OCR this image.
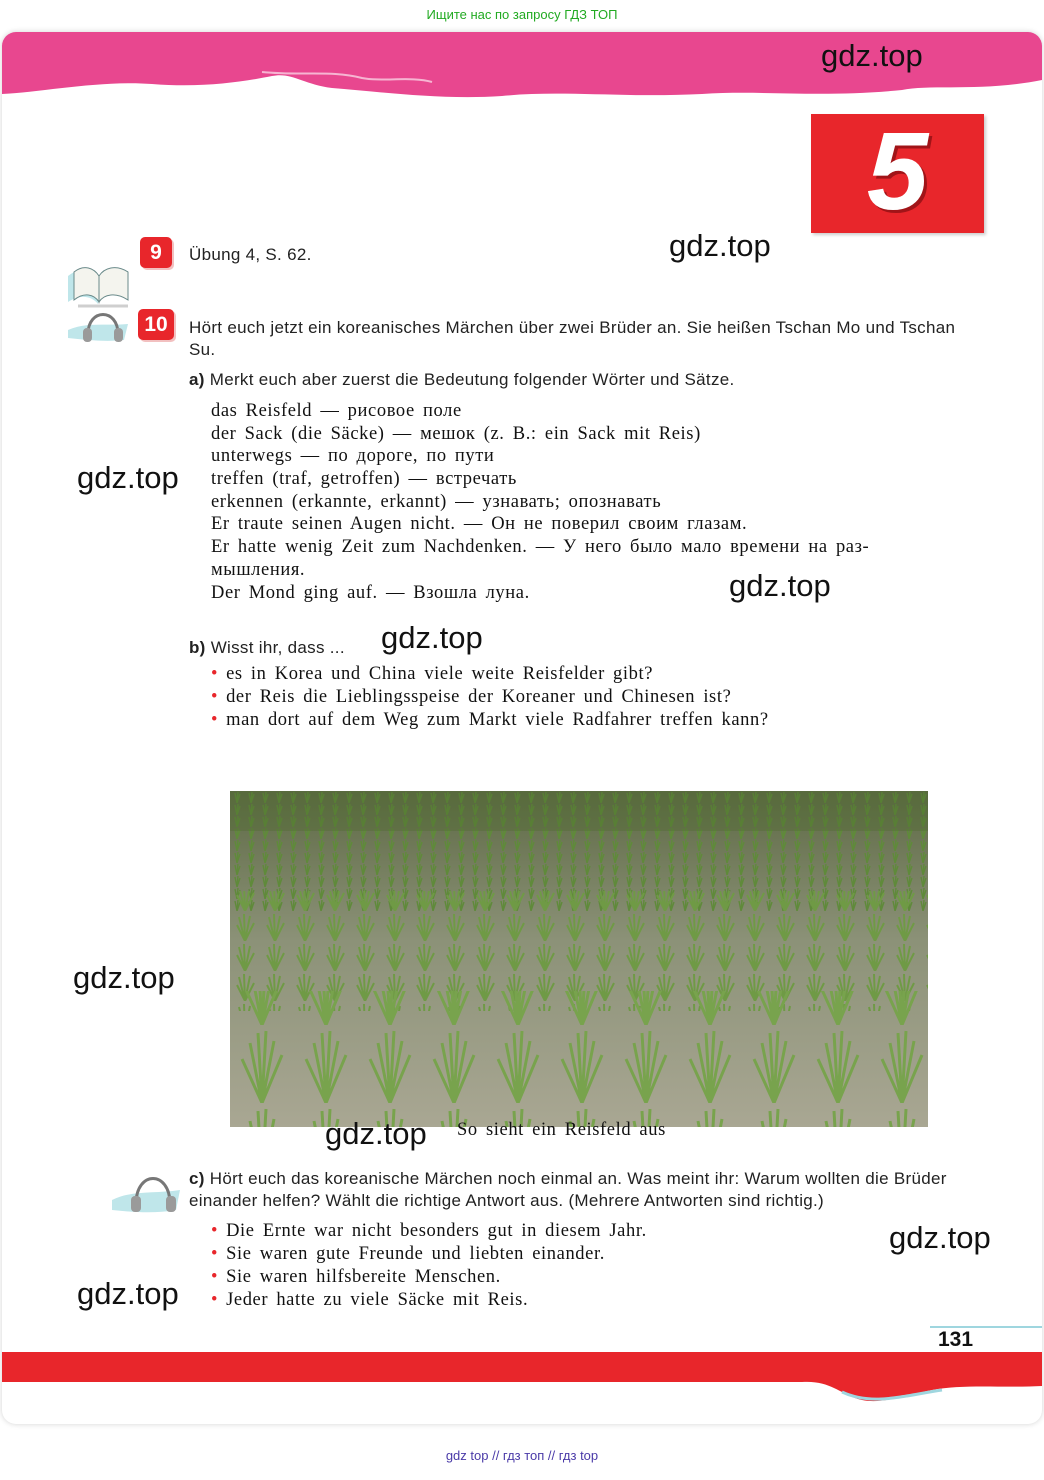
Ищите нас по запросу ГДЗ ТОП
5
9	Übung 4, S. 62.
10	Hört euch jetzt ein koreanisches Märchen über zwei Brüder an. Sie heißen Tschan Mo und Tschan Su.
a) Merkt euch aber zuerst die Bedeutung folgender Wörter und Sätze.
das Reisfeld — рисовое поле
der Sack (die Säcke) — мешок (z. B.: ein Sack mit Reis)
unterwegs — по дороге, по пути
treffen (traf, getroffen) — встречать
erkennen (erkannte, erkannt) — узнавать; опознавать
Er traute seinen Augen nicht. — Он не поверил своим глазам.
Er hatte wenig Zeit zum Nachdenken. — У него было мало времени на раз-
мышления.
Der Mond ging auf. — Взошла луна.
b) Wisst ihr, dass ...
• es in Korea und China viele weite Reisfelder gibt?
• der Reis die Lieblingsspeise der Koreaner und Chinesen ist?
• man dort auf dem Weg zum Markt viele Radfahrer treffen kann?
So sieht ein Reisfeld aus
c) Hört euch das koreanische Märchen noch einmal an. Was meint ihr: Warum wollten die Brüder einander helfen? Wählt die richtige Antwort aus. (Mehrere Antworten sind richtig.)
• Die Ernte war nicht besonders gut in diesem Jahr.
• Sie waren gute Freunde und liebten einander.
• Sie waren hilfsbereite Menschen.
• Jeder hatte zu viele Säcke mit Reis.
131
gdz.top
gdz.top
gdz.top
gdz.top
gdz.top
gdz.top
gdz.top
gdz.top
gdz.top
gdz top // гдз топ // гдз top
